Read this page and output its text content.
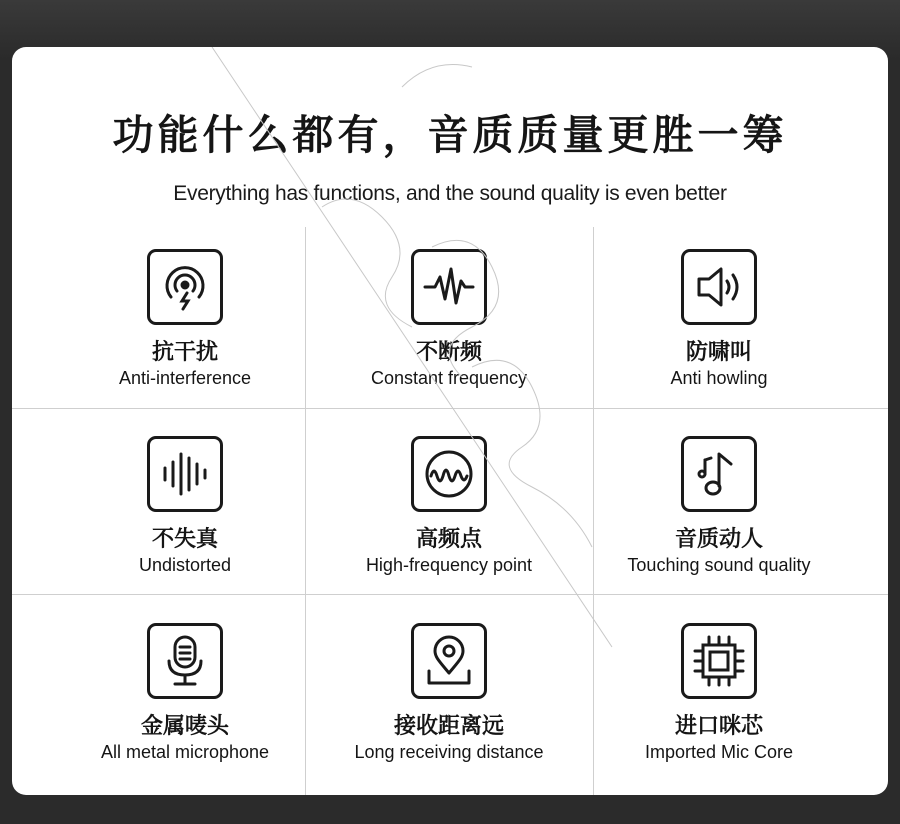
功能什么都有，音质质量更胜一筹
Everything has functions, and the sound quality is even better
抗干扰
Anti-interference
不断频
Constant frequency
防啸叫
Anti howling
不失真
Undistorted
高频点
High-frequency point
音质动人
Touching sound quality
金属唛头
All metal microphone
接收距离远
Long receiving distance
进口咪芯
Imported Mic Core
